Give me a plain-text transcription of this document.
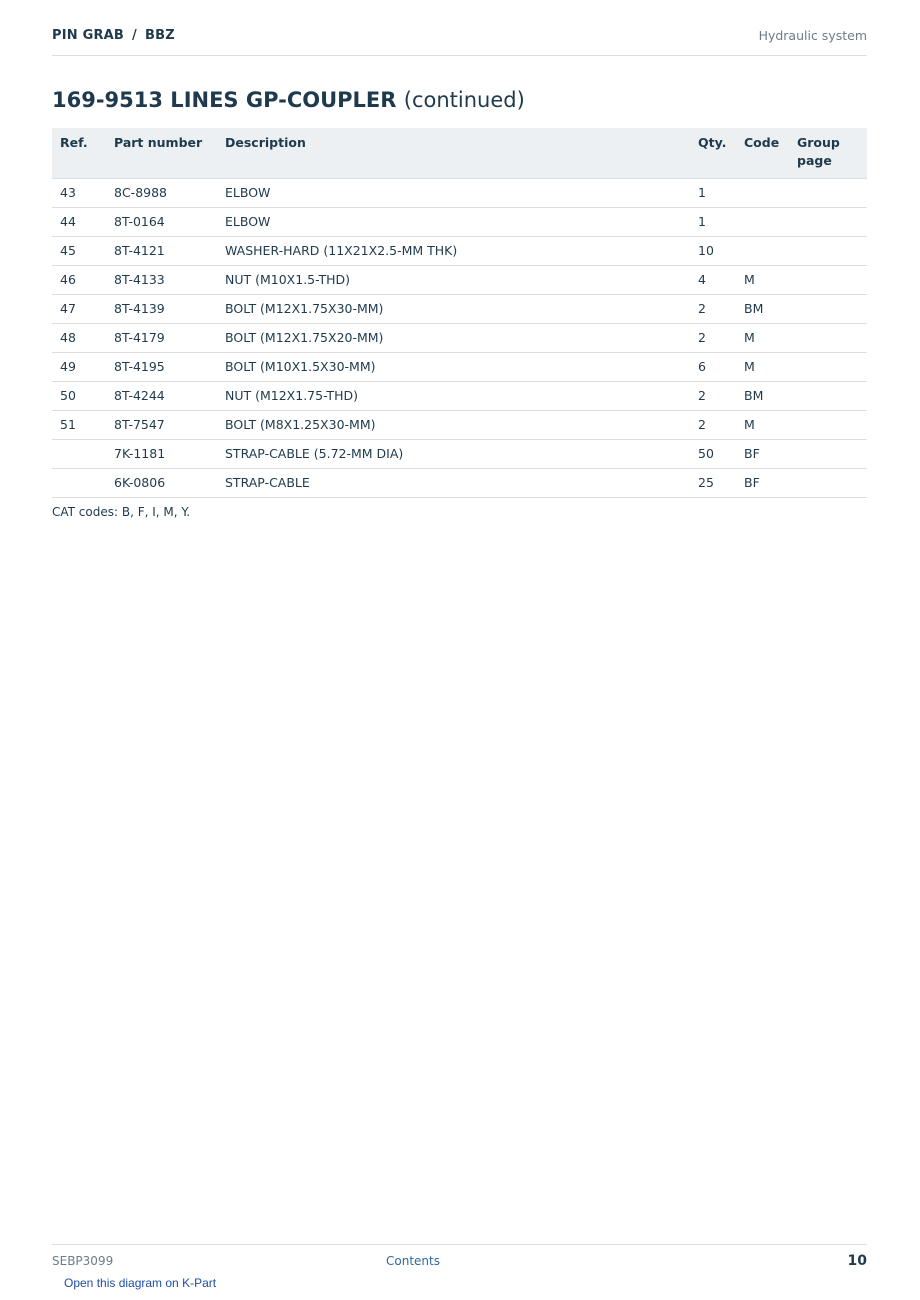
PIN GRAB / BBZ	Hydraulic system
169-9513 LINES GP-COUPLER (continued)
Ref.	Part number	Description	Qty.	Code	Group page
43	8C-8988	ELBOW	1		
44	8T-0164	ELBOW	1		
45	8T-4121	WASHER-HARD (11X21X2.5-MM THK)	10		
46	8T-4133	NUT (M10X1.5-THD)	4	M	
47	8T-4139	BOLT (M12X1.75X30-MM)	2	BM	
48	8T-4179	BOLT (M12X1.75X20-MM)	2	M	
49	8T-4195	BOLT (M10X1.5X30-MM)	6	M	
50	8T-4244	NUT (M12X1.75-THD)	2	BM	
51	8T-7547	BOLT (M8X1.25X30-MM)	2	M	
	7K-1181	STRAP-CABLE (5.72-MM DIA)	50	BF	
	6K-0806	STRAP-CABLE	25	BF	
CAT codes: B, F, I, M, Y.
SEBP3099	Contents	10
Open this diagram on K-Part
